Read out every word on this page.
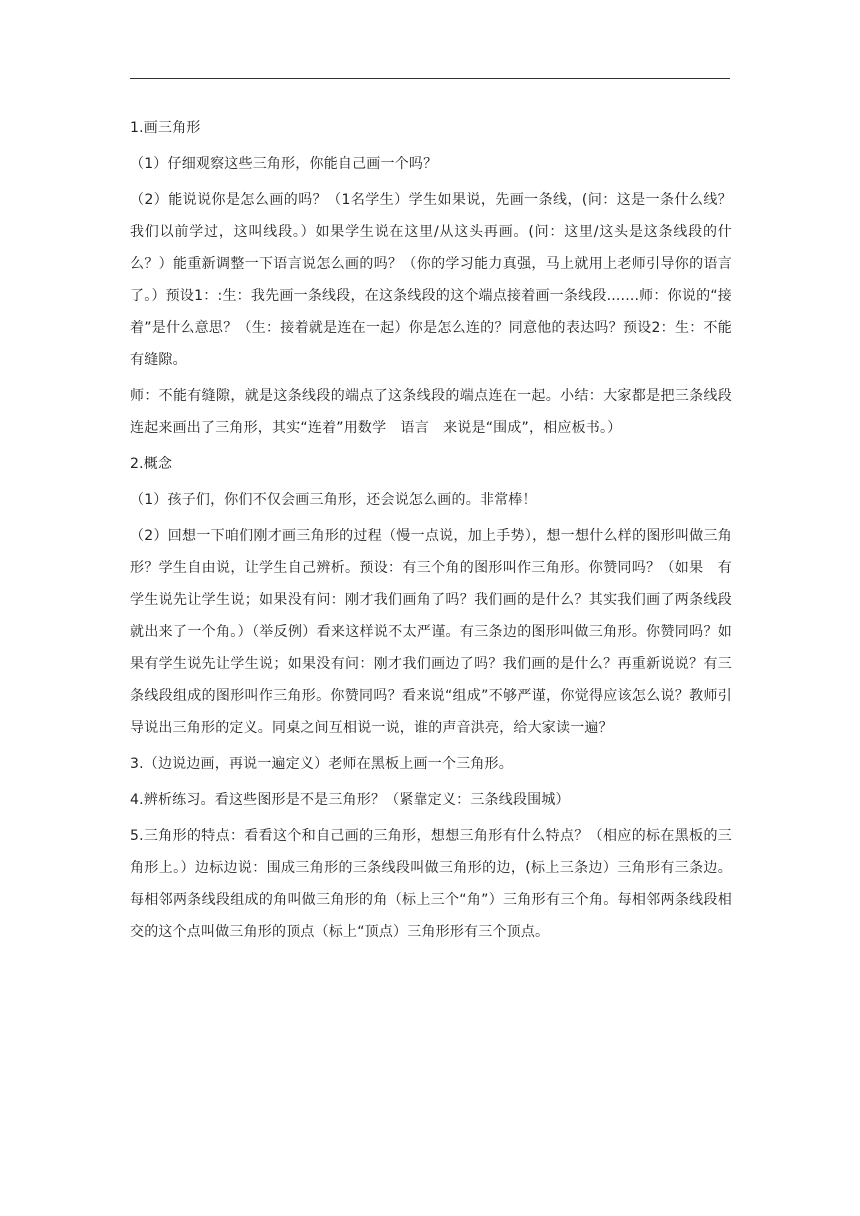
1.画三角形

（1）仔细观察这些三角形，你能自己画一个吗？

（2）能说说你是怎么画的吗？（1名学生）学生如果说，先画一条线，(问：这是一条什么线？我们以前学过，这叫线段。）如果学生说在这里/从这头再画。(问：这里/这头是这条线段的什么？）能重新调整一下语言说怎么画的吗？（你的学习能力真强，马上就用上老师引导你的语言了。）预设1：:生：我先画一条线段，在这条线段的这个端点接着画一条线段.......师：你说的“接着”是什么意思？（生：接着就是连在一起）你是怎么连的？同意他的表达吗？预设2：生：不能有缝隙。

师：不能有缝隙，就是这条线段的端点了这条线段的端点连在一起。小结：大家都是把三条线段连起来画出了三角形，其实“连着”用数学　语言　来说是“围成”，相应板书。）

2.概念

（1）孩子们，你们不仅会画三角形，还会说怎么画的。非常棒！

（2）回想一下咱们刚才画三角形的过程（慢一点说，加上手势），想一想什么样的图形叫做三角形？学生自由说，让学生自己辨析。预设：有三个角的图形叫作三角形。你赞同吗？（如果　有学生说先让学生说；如果没有问：刚才我们画角了吗？我们画的是什么？其实我们画了两条线段就出来了一个角。）（举反例）看来这样说不太严谨。有三条边的图形叫做三角形。你赞同吗？如果有学生说先让学生说；如果没有问：刚才我们画边了吗？我们画的是什么？再重新说说？有三条线段组成的图形叫作三角形。你赞同吗？看来说“组成”不够严谨，你觉得应该怎么说？教师引导说出三角形的定义。同桌之间互相说一说，谁的声音洪亮，给大家读一遍？

3.（边说边画，再说一遍定义）老师在黑板上画一个三角形。

4.辨析练习。看这些图形是不是三角形？（紧靠定义：三条线段围城）

5.三角形的特点：看看这个和自己画的三角形，想想三角形有什么特点？（相应的标在黑板的三角形上。）边标边说：围成三角形的三条线段叫做三角形的边，(标上三条边）三角形有三条边。每相邻两条线段组成的角叫做三角形的角（标上三个“角”）三角形有三个角。每相邻两条线段相交的这个点叫做三角形的顶点（标上“顶点）三角形形有三个顶点。
